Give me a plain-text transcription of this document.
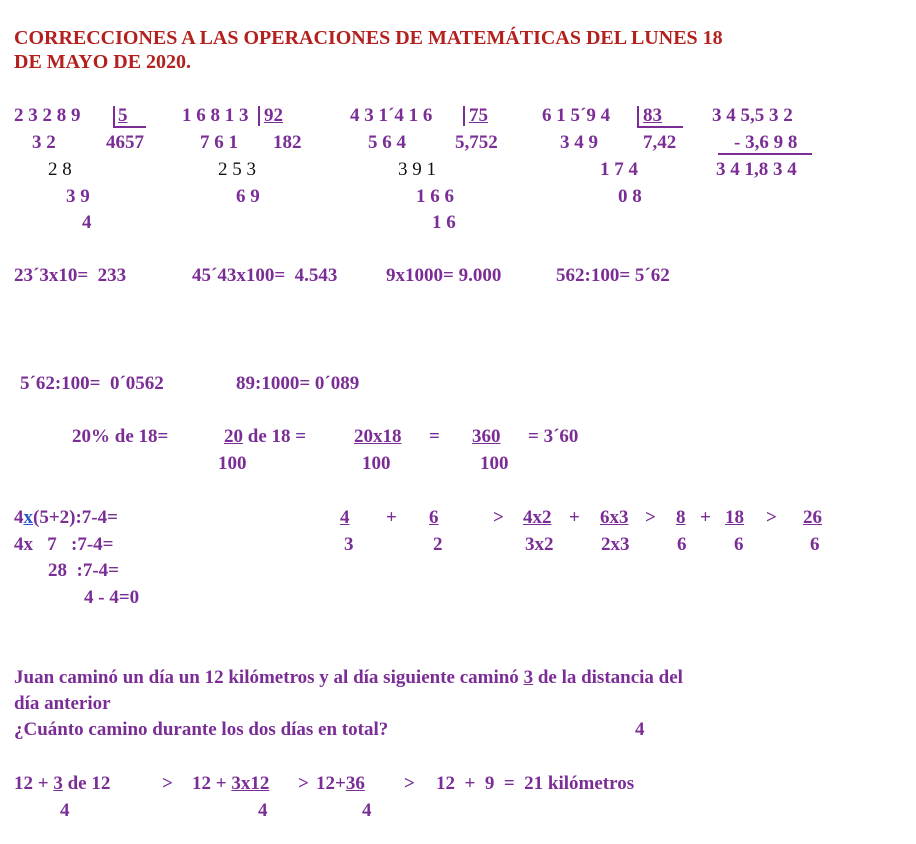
CORRECCIONES A LAS OPERACIONES DE MATEMÁTICAS DEL LUNES 18
DE MAYO DE 2020.
2 3 2 8 9 5
3 2	4657
2 8
3 9
4
1 6 8 1 3 92
7 6 1 182
2 5 3
6 9
4 3 1´4 1 6 75
5 6 4	5,752
3 9 1
1 6 6
1 6
6 1 5´9 4 83
3 4 9 7,42
1 7 4
0 8
3 4 5,5 3 2
- 3,6 9 8
3 4 1,8 3 4
23´3x10=  233	45´43x100=  4.543	9x1000= 9.000	562:100= 5´62
5´62:100=  0´0562	89:1000= 0´089
20% de 18=	20 de 18 =	20x18 = 360 = 3´60
100	100	100
4x(5+2):7-4=
4x   7   :7-4=
28  :7-4=
4 - 4=0
4 + 6	> 4x2 + 6x3 > 8 + 18 > 26
3	2	3x2	2x3	6	6	6
Juan caminó un día un 12 kilómetros y al día siguiente caminó 3 de la distancia del
día anterior
¿Cuánto camino durante los dos días en total?	4
12 + 3 de 12	> 12 + 3x12 > 12+36 > 12  +  9  =  21 kilómetros
4	4	4
